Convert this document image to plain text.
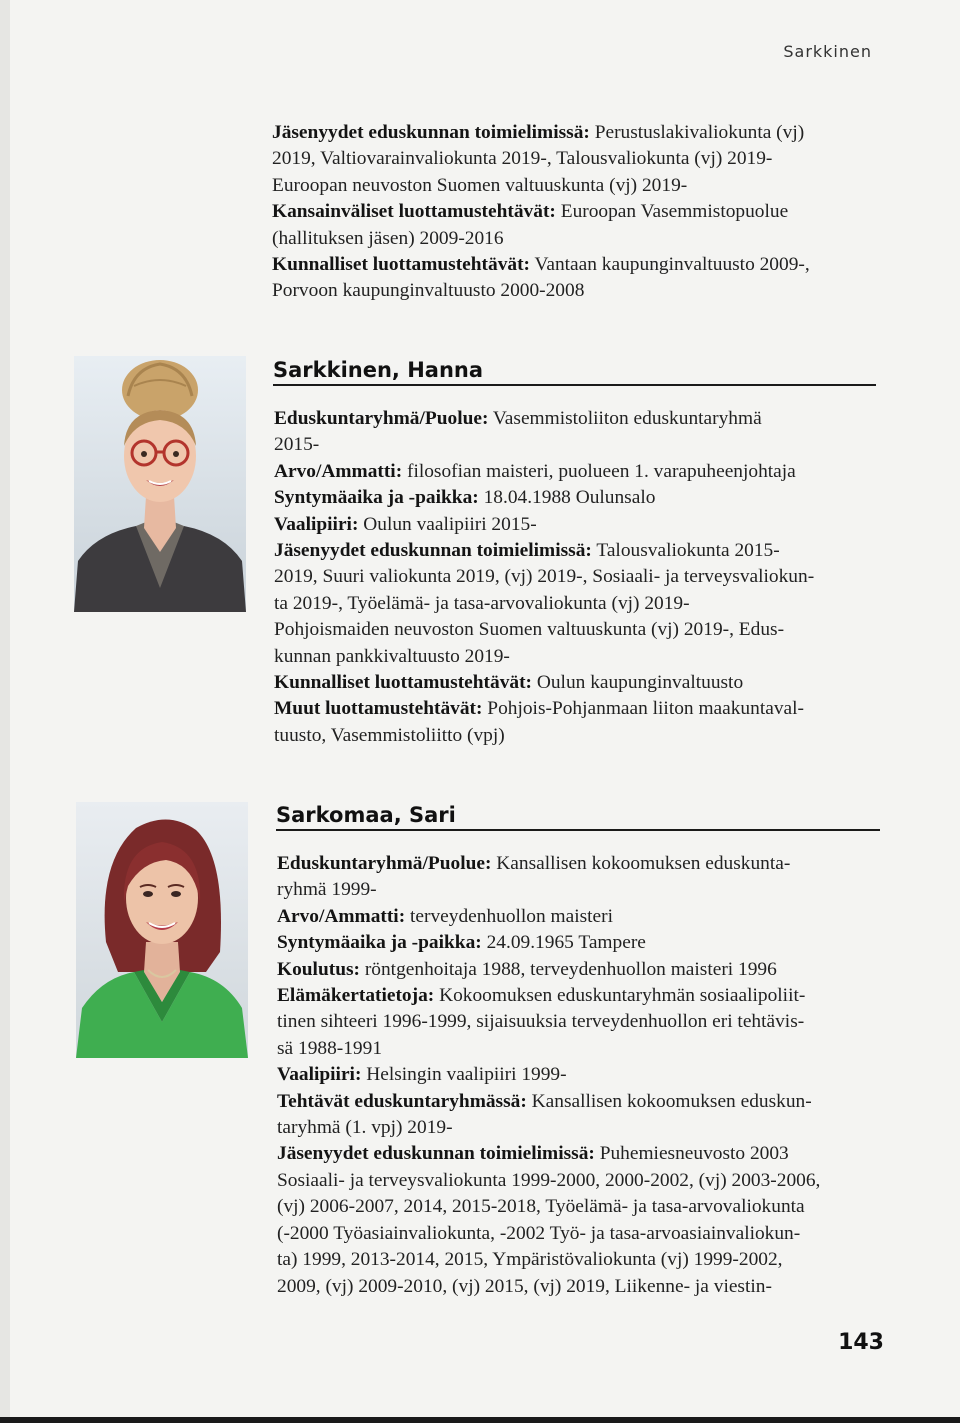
Sarkkinen

Jäsenyydet eduskunnan toimielimissä: Perustuslakivaliokunta (vj)

2019, Valtiovarainvaliokunta 2019-, Talousvaliokunta (vj) 2019-

Euroopan neuvoston Suomen valtuuskunta (vj) 2019-

Kansainväliset luottamustehtävät: Euroopan Vasemmistopuolue

(hallituksen jäsen) 2009-2016

Kunnalliset luottamustehtävät: Vantaan kaupunginvaltuusto 2009-,

Porvoon kaupunginvaltuusto 2000-2008

Sarkkinen, Hanna

Eduskuntaryhmä/Puolue: Vasemmistoliiton eduskuntaryhmä

2015-

Arvo/Ammatti: filosofian maisteri, puolueen 1. varapuheenjohtaja

Syntymäaika ja -paikka: 18.04.1988 Oulunsalo

Vaalipiiri: Oulun vaalipiiri 2015-

Jäsenyydet eduskunnan toimielimissä: Talousvaliokunta 2015-

2019, Suuri valiokunta 2019, (vj) 2019-, Sosiaali- ja terveysvaliokun-

ta 2019-, Työelämä- ja tasa-arvovaliokunta (vj) 2019-

Pohjoismaiden neuvoston Suomen valtuuskunta (vj) 2019-, Edus-

kunnan pankkivaltuusto 2019-

Kunnalliset luottamustehtävät: Oulun kaupunginvaltuusto

Muut luottamustehtävät: Pohjois-Pohjanmaan liiton maakuntaval-

tuusto, Vasemmistoliitto (vpj)

Sarkomaa, Sari

Eduskuntaryhmä/Puolue: Kansallisen kokoomuksen eduskunta-

ryhmä 1999-

Arvo/Ammatti: terveydenhuollon maisteri

Syntymäaika ja -paikka: 24.09.1965 Tampere

Koulutus: röntgenhoitaja 1988, terveydenhuollon maisteri 1996

Elämäkertatietoja: Kokoomuksen eduskuntaryhmän sosiaalipoliit-

tinen sihteeri 1996-1999, sijaisuuksia terveydenhuollon eri tehtävis-

sä 1988-1991

Vaalipiiri: Helsingin vaalipiiri 1999-

Tehtävät eduskuntaryhmässä: Kansallisen kokoomuksen eduskun-

taryhmä (1. vpj) 2019-

Jäsenyydet eduskunnan toimielimissä: Puhemiesneuvosto 2003

Sosiaali- ja terveysvaliokunta 1999-2000, 2000-2002, (vj) 2003-2006,

(vj) 2006-2007, 2014, 2015-2018, Työelämä- ja tasa-arvovaliokunta

(-2000 Työasiainvaliokunta, -2002 Työ- ja tasa-arvoasiainvaliokun-

ta) 1999, 2013-2014, 2015, Ympäristövaliokunta (vj) 1999-2002,

2009, (vj) 2009-2010, (vj) 2015, (vj) 2019, Liikenne- ja viestin-

143
